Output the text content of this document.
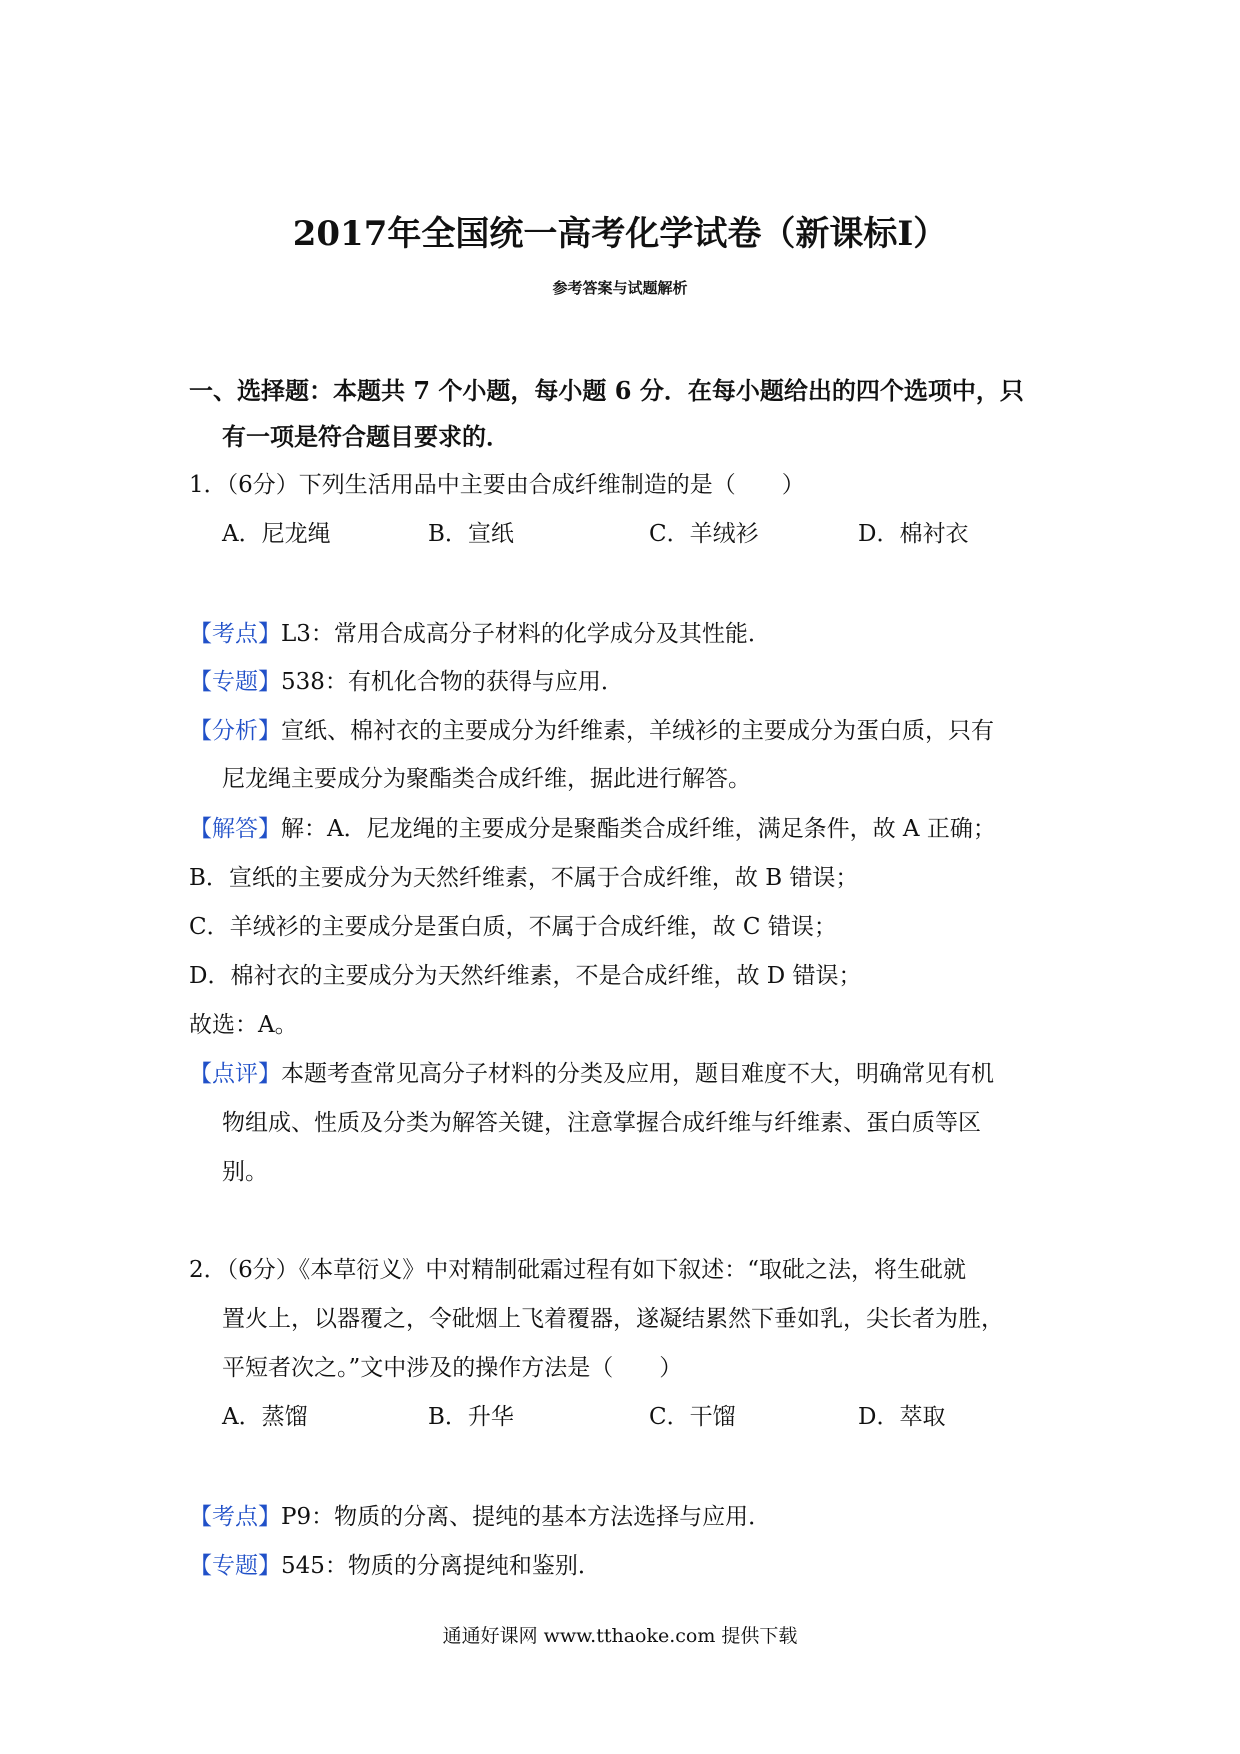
2017年全国统一高考化学试卷（新课标I）
参考答案与试题解析
一、选择题：本题共 7 个小题，每小题 6 分．在每小题给出的四个选项中，只
有一项是符合题目要求的．
1．（6分）下列生活用品中主要由合成纤维制造的是（　　）
A．尼龙绳	B．宣纸	C．羊绒衫	D．棉衬衣
【考点】L3：常用合成高分子材料的化学成分及其性能．
【专题】538：有机化合物的获得与应用．
【分析】宣纸、棉衬衣的主要成分为纤维素，羊绒衫的主要成分为蛋白质，只有
尼龙绳主要成分为聚酯类合成纤维，据此进行解答。
【解答】解：A．尼龙绳的主要成分是聚酯类合成纤维，满足条件，故 A 正确；
B．宣纸的主要成分为天然纤维素，不属于合成纤维，故 B 错误；
C．羊绒衫的主要成分是蛋白质，不属于合成纤维，故 C 错误；
D．棉衬衣的主要成分为天然纤维素，不是合成纤维，故 D 错误；
故选：A。
【点评】本题考查常见高分子材料的分类及应用，题目难度不大，明确常见有机
物组成、性质及分类为解答关键，注意掌握合成纤维与纤维素、蛋白质等区
别。
2．（6分）《本草衍义》中对精制砒霜过程有如下叙述：“取砒之法，将生砒就
置火上，以器覆之，令砒烟上飞着覆器，遂凝结累然下垂如乳，尖长者为胜，
平短者次之。”文中涉及的操作方法是（　　）
A．蒸馏	B．升华	C．干馏	D．萃取
【考点】P9：物质的分离、提纯的基本方法选择与应用．
【专题】545：物质的分离提纯和鉴别．
通通好课网 www.tthaoke.com 提供下载
